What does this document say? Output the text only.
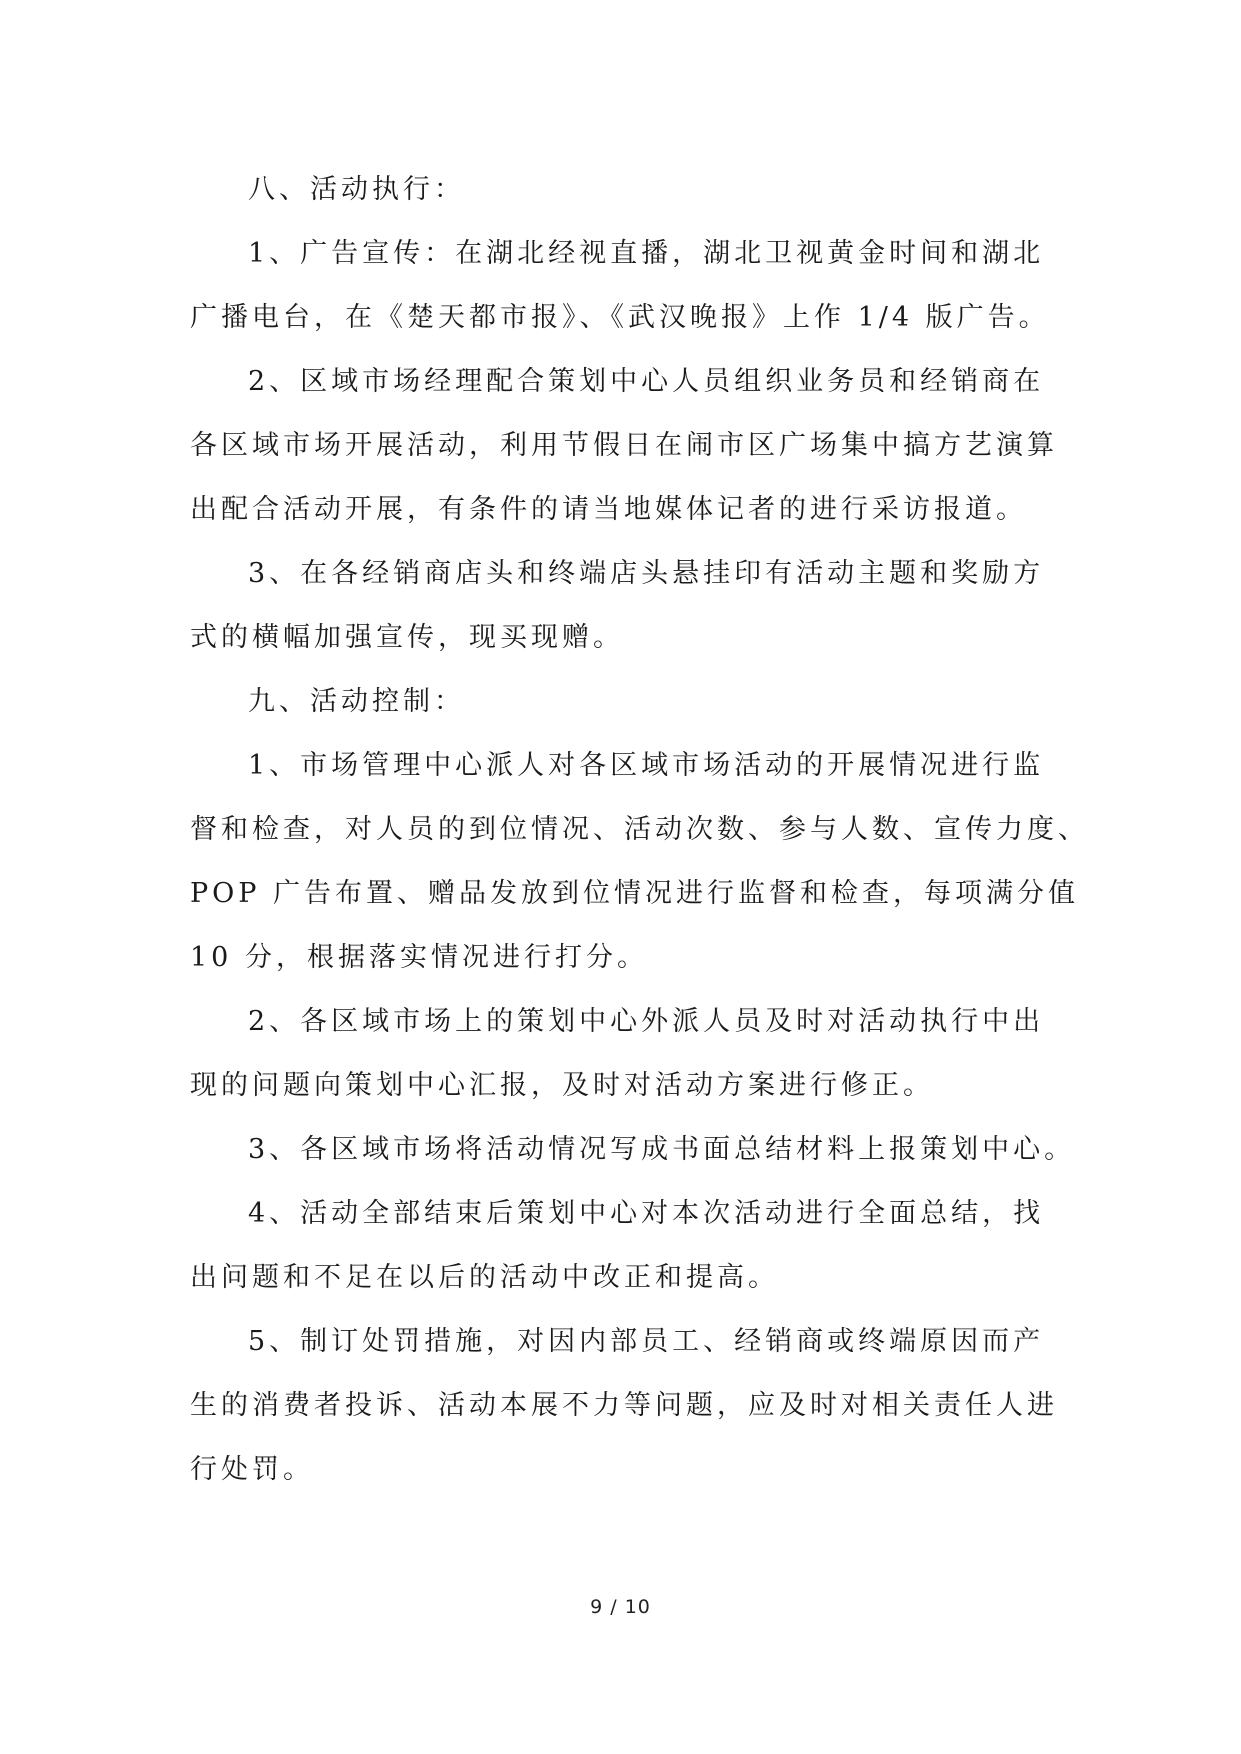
八、活动执行：

1、广告宣传：在湖北经视直播，湖北卫视黄金时间和湖北
广播电台，在《楚天都市报》、《武汉晚报》上作 1/4 版广告。

2、区域市场经理配合策划中心人员组织业务员和经销商在
各区域市场开展活动，利用节假日在闹市区广场集中搞方艺演算
出配合活动开展，有条件的请当地媒体记者的进行采访报道。

3、在各经销商店头和终端店头悬挂印有活动主题和奖励方
式的横幅加强宣传，现买现赠。

九、活动控制：

1、市场管理中心派人对各区域市场活动的开展情况进行监
督和检查，对人员的到位情况、活动次数、参与人数、宣传力度、
POP 广告布置、赠品发放到位情况进行监督和检查，每项满分值
10 分，根据落实情况进行打分。

2、各区域市场上的策划中心外派人员及时对活动执行中出
现的问题向策划中心汇报，及时对活动方案进行修正。

3、各区域市场将活动情况写成书面总结材料上报策划中心。

4、活动全部结束后策划中心对本次活动进行全面总结，找
出问题和不足在以后的活动中改正和提高。

5、制订处罚措施，对因内部员工、经销商或终端原因而产
生的消费者投诉、活动本展不力等问题，应及时对相关责任人进
行处罚。

9 / 10
